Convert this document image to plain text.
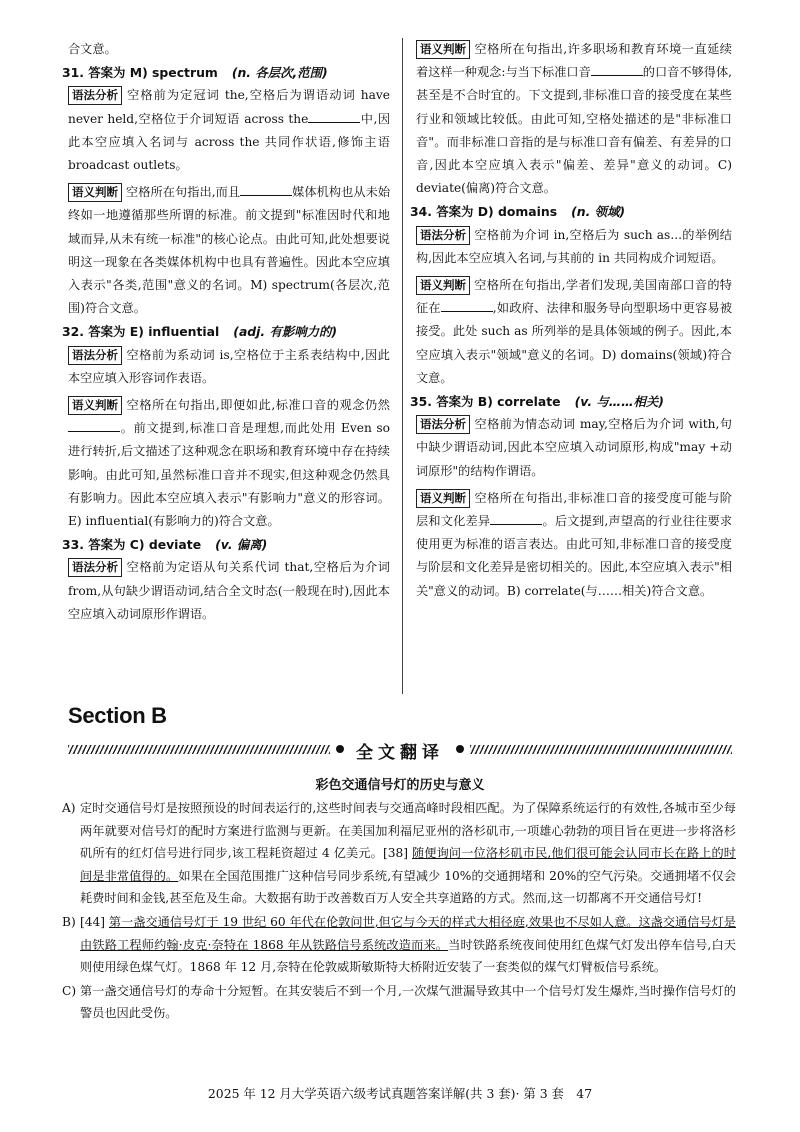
合文意。

31. 答案为 M) spectrum (n. 各层次,范围)

语法分析 空格前为定冠词 the,空格后为谓语动词 have never held,空格位于介词短语 across the	中,因此本空应填入名词与 across the 共同作状语,修饰主语 broadcast outlets。

语义判断 空格所在句指出,而且	媒体机构也从未始终如一地遵循那些所谓的标准。前文提到"标准因时代和地域而异,从未有统一标准"的核心论点。由此可知,此处想要说明这一现象在各类媒体机构中也具有普遍性。因此本空应填入表示"各类,范围"意义的名词。M) spectrum(各层次,范围)符合文意。

32. 答案为 E) influential (adj. 有影响力的)

语法分析 空格前为系动词 is,空格位于主系表结构中,因此本空应填入形容词作表语。

语义判断 空格所在句指出,即便如此,标准口音的观念仍然。前文提到,标准口音是理想,而此处用 Even so 进行转折,后文描述了这种观念在职场和教育环境中存在持续影响。由此可知,虽然标准口音并不现实,但这种观念仍然具有影响力。因此本空应填入表示"有影响力"意义的形容词。E) influential(有影响力的)符合文意。

33. 答案为 C) deviate (v. 偏离)

语法分析 空格前为定语从句关系代词 that,空格后为介词 from,从句缺少谓语动词,结合全文时态(一般现在时),因此本空应填入动词原形作谓语。

语义判断 空格所在句指出,许多职场和教育环境一直延续着这样一种观念:与当下标准口音	的口音不够得体,甚至是不合时宜的。下文提到,非标准口音的接受度在某些行业和领域比较低。由此可知,空格处描述的是"非标准口音"。而非标准口音指的是与标准口音有偏差、有差异的口音,因此本空应填入表示"偏差、差异"意义的动词。C) deviate(偏离)符合文意。

34. 答案为 D) domains (n. 领域)

语法分析 空格前为介词 in,空格后为 such as...的举例结构,因此本空应填入名词,与其前的 in 共同构成介词短语。

语义判断 空格所在句指出,学者们发现,美国南部口音的特征在	,如政府、法律和服务导向型职场中更容易被接受。此处 such as 所列举的是具体领域的例子。因此,本空应填入表示"领域"意义的名词。D) domains(领域)符合文意。

35. 答案为 B) correlate (v. 与……相关)

语法分析 空格前为情态动词 may,空格后为介词 with,句中缺少谓语动词,因此本空应填入动词原形,构成"may +动词原形"的结构作谓语。

语义判断 空格所在句指出,非标准口音的接受度可能与阶层和文化差异	。后文提到,声望高的行业往往要求使用更为标准的语言表达。由此可知,非标准口音的接受度与阶层和文化差异是密切相关的。因此,本空应填入表示"相关"意义的动词。B) correlate(与……相关)符合文意。

Section B
全文翻译
彩色交通信号灯的历史与意义

A) 定时交通信号灯是按照预设的时间表运行的,这些时间表与交通高峰时段相匹配。为了保障系统运行的有效性,各城市至少每两年就要对信号灯的配时方案进行监测与更新。在美国加利福尼亚州的洛杉矶市,一项雄心勃勃的项目旨在更进一步将洛杉矶所有的红灯信号进行同步,该工程耗资超过 4 亿美元。[38] 随便询问一位洛杉矶市民,他们很可能会认同市长在路上的时间是非常值得的。如果在全国范围推广这种信号同步系统,有望减少 10%的交通拥堵和 20%的空气污染。交通拥堵不仅会耗费时间和金钱,甚至危及生命。大数据有助于改善数百万人安全共享道路的方式。然而,这一切都离不开交通信号灯!

B) [44] 第一盏交通信号灯于 19 世纪 60 年代在伦敦问世,但它与今天的样式大相径庭,效果也不尽如人意。这盏交通信号灯是由铁路工程师约翰·皮克·奈特在 1868 年从铁路信号系统改造而来。当时铁路系统夜间使用红色煤气灯发出停车信号,白天则使用绿色煤气灯。1868 年 12 月,奈特在伦敦威斯敏斯特大桥附近安装了一套类似的煤气灯臂板信号系统。

C) 第一盏交通信号灯的寿命十分短暂。在其安装后不到一个月,一次煤气泄漏导致其中一个信号灯发生爆炸,当时操作信号灯的警员也因此受伤。

2025 年 12 月大学英语六级考试真题答案详解(共 3 套)· 第 3 套　47
